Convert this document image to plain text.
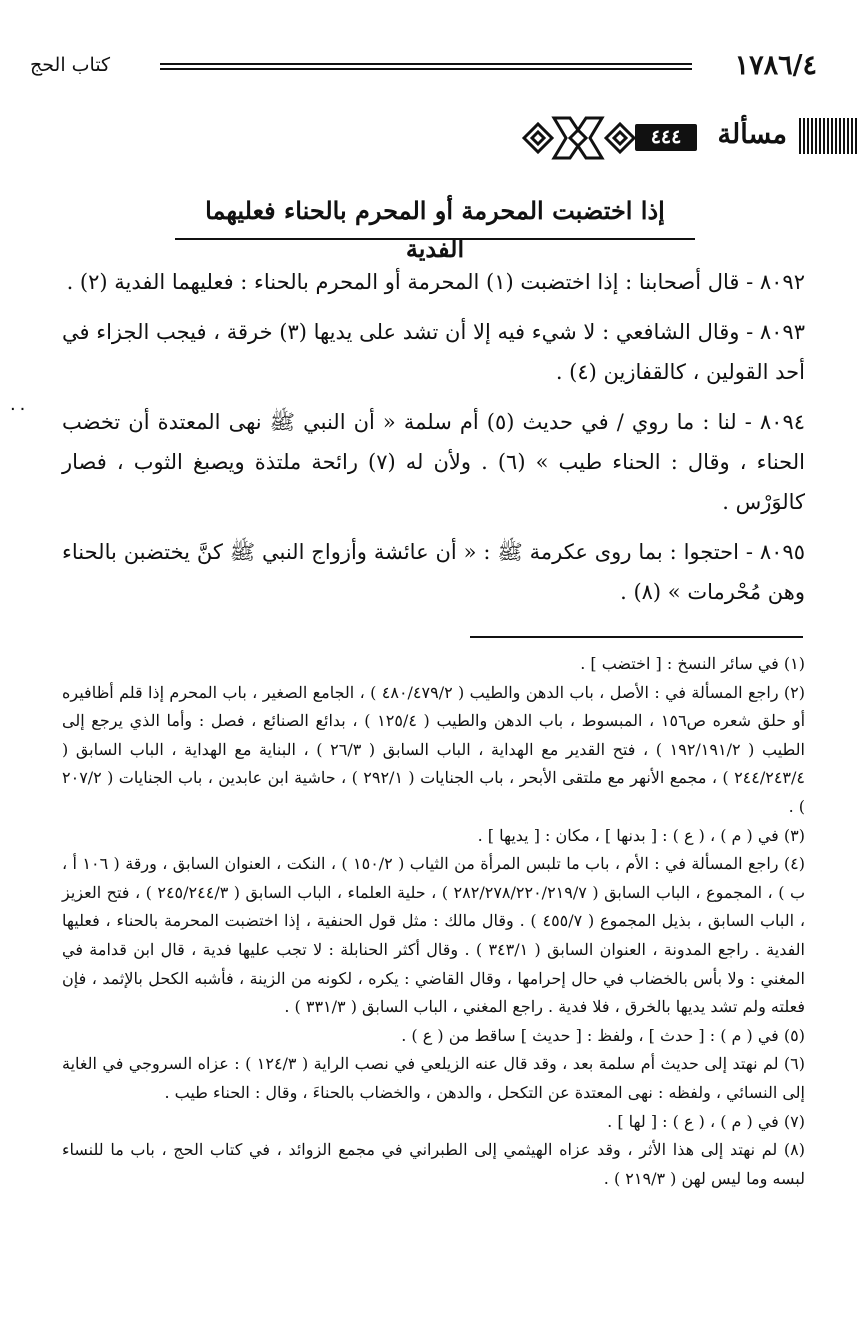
كتاب الحج	١٧٨٦/٤
مسألة
٤٤٤
إذا اختضبت المحرمة أو المحرم بالحناء فعليهما الفدية
٠٠

٨٠٩٢ - قال أصحابنا : إذا اختضبت (١) المحرمة أو المحرم بالحناء : فعليهما الفدية (٢) .

٨٠٩٣ - وقال الشافعي : لا شيء فيه إلا أن تشد على يديها (٣) خرقة ، فيجب الجزاء في أحد القولين ، كالقفازين (٤) .

٨٠٩٤ - لنا : ما روي / في حديث (٥) أم سلمة « أن النبي ﷺ نهى المعتدة أن تخضب الحناء ، وقال : الحناء طيب » (٦) . ولأن له (٧) رائحة ملتذة ويصبغ الثوب ، فصار كالوَرْس .

٨٠٩٥ - احتجوا : بما روى عكرمة ﷺ : « أن عائشة وأزواج النبي ﷺ كنَّ يختضبن بالحناء وهن مُحْرمات » (٨) .

(١) في سائر النسخ : [ اختضب ] .

(٢) راجع المسألة في : الأصل ، باب الدهن والطيب ( ٤٨٠/٤٧٩/٢ ) ، الجامع الصغير ، باب المحرم إذا قلم أظافيره أو حلق شعره ص١٥٦ ، المبسوط ، باب الدهن والطيب ( ١٢٥/٤ ) ، بدائع الصنائع ، فصل : وأما الذي يرجع إلى الطيب ( ١٩٢/١٩١/٢ ) ، فتح القدير مع الهداية ، الباب السابق ( ٢٦/٣ ) ، البناية مع الهداية ، الباب السابق ( ٢٤٤/٢٤٣/٤ ) ، مجمع الأنهر مع ملتقى الأبحر ، باب الجنايات ( ٢٩٢/١ ) ، حاشية ابن عابدين ، باب الجنايات ( ٢٠٧/٢ ) .

(٣) في ( م ) ، ( ع ) : [ بدنها ] ، مكان : [ يديها ] .

(٤) راجع المسألة في : الأم ، باب ما تلبس المرأة من الثياب ( ١٥٠/٢ ) ، النكت ، العنوان السابق ، ورقة ( ١٠٦ أ ، ب ) ، المجموع ، الباب السابق ( ٢٨٢/٢٧٨/٢٢٠/٢١٩/٧ ) ، حلية العلماء ، الباب السابق ( ٢٤٥/٢٤٤/٣ ) ، فتح العزيز ، الباب السابق ، بذيل المجموع ( ٤٥٥/٧ ) . وقال مالك : مثل قول الحنفية ، إذا اختضبت المحرمة بالحناء ، فعليها الفدية . راجع المدونة ، العنوان السابق ( ٣٤٣/١ ) . وقال أكثر الحنابلة : لا تجب عليها فدية ، قال ابن قدامة في المغني : ولا بأس بالخضاب في حال إحرامها ، وقال القاضي : يكره ، لكونه من الزينة ، فأشبه الكحل بالإثمد ، فإن فعلته ولم تشد يديها بالخرق ، فلا فدية . راجع المغني ، الباب السابق ( ٣٣١/٣ ) .

(٥) في ( م ) : [ حدث ] ، ولفظ : [ حديث ] ساقط من ( ع ) .

(٦) لم نهتد إلى حديث أم سلمة بعد ، وقد قال عنه الزيلعي في نصب الراية ( ١٢٤/٣ ) : عزاه السروجي في الغاية إلى النسائي ، ولفظه : نهى المعتدة عن التكحل ، والدهن ، والخضاب بالحناءَ ، وقال : الحناء طيب .

(٧) في ( م ) ، ( ع ) : [ لها ] .

(٨) لم نهتد إلى هذا الأثر ، وقد عزاه الهيثمي إلى الطبراني في مجمع الزوائد ، في كتاب الحج ، باب ما للنساء لبسه وما ليس لهن ( ٢١٩/٣ ) .
